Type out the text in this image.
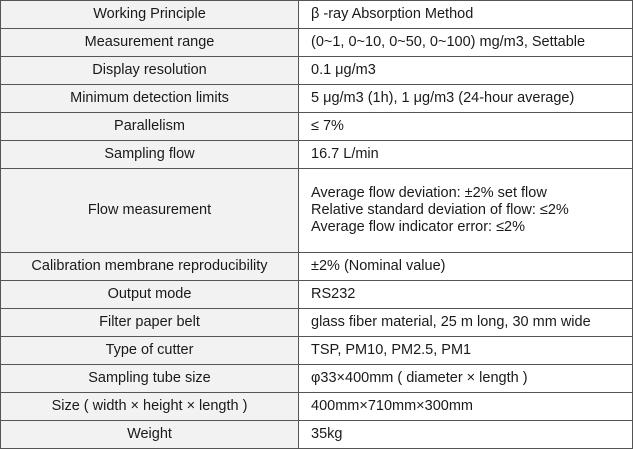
Working Principle	β -ray Absorption Method

Measurement range	(0~1, 0~10, 0~50, 0~100) mg/m3, Settable

Display resolution	0.1 μg/m3

Minimum detection limits	5 μg/m3 (1h), 1 μg/m3 (24-hour average)

Parallelism	≤ 7%

Sampling flow	16.7 L/min

Flow measurement	Average flow deviation: ±2% set flow
Relative standard deviation of flow: ≤2%
Average flow indicator error: ≤2%

Calibration membrane reproducibility	±2% (Nominal value)

Output mode	RS232

Filter paper belt	glass fiber material, 25 m long, 30 mm wide

Type of cutter	TSP, PM10, PM2.5, PM1

Sampling tube size	φ33×400mm ( diameter × length )

Size ( width × height × length )	400mm×710mm×300mm

Weight	35kg
